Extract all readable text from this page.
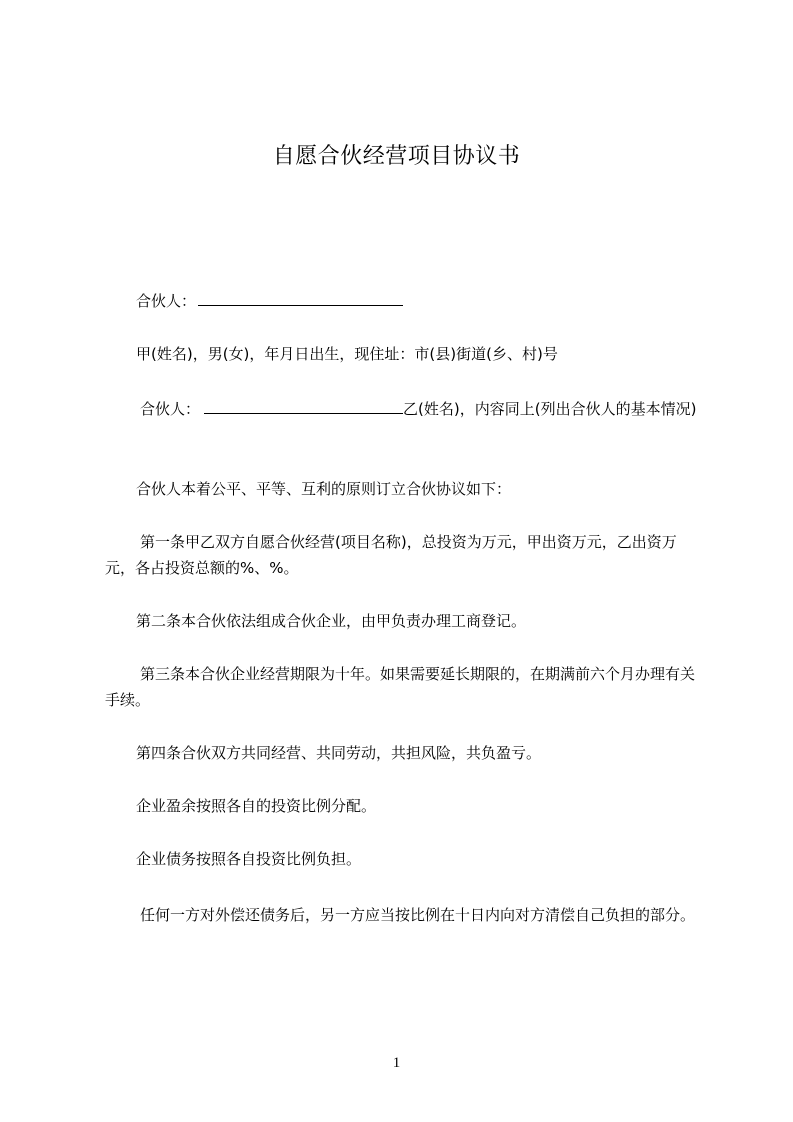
自愿合伙经营项目协议书
合伙人：
甲(姓名)，男(女)，年月日出生，现住址：市(县)街道(乡、村)号
合伙人：	乙(姓名)，内容同上(列出合伙人的基本情况)
合伙人本着公平、平等、互利的原则订立合伙协议如下：
第一条甲乙双方自愿合伙经营(项目名称)，总投资为万元，甲出资万元，乙出资万元，各占投资总额的%、%。
第二条本合伙依法组成合伙企业，由甲负责办理工商登记。
第三条本合伙企业经营期限为十年。如果需要延长期限的，在期满前六个月办理有关手续。
第四条合伙双方共同经营、共同劳动，共担风险，共负盈亏。
企业盈余按照各自的投资比例分配。
企业债务按照各自投资比例负担。
任何一方对外偿还债务后，另一方应当按比例在十日内向对方清偿自己负担的部分。
1
